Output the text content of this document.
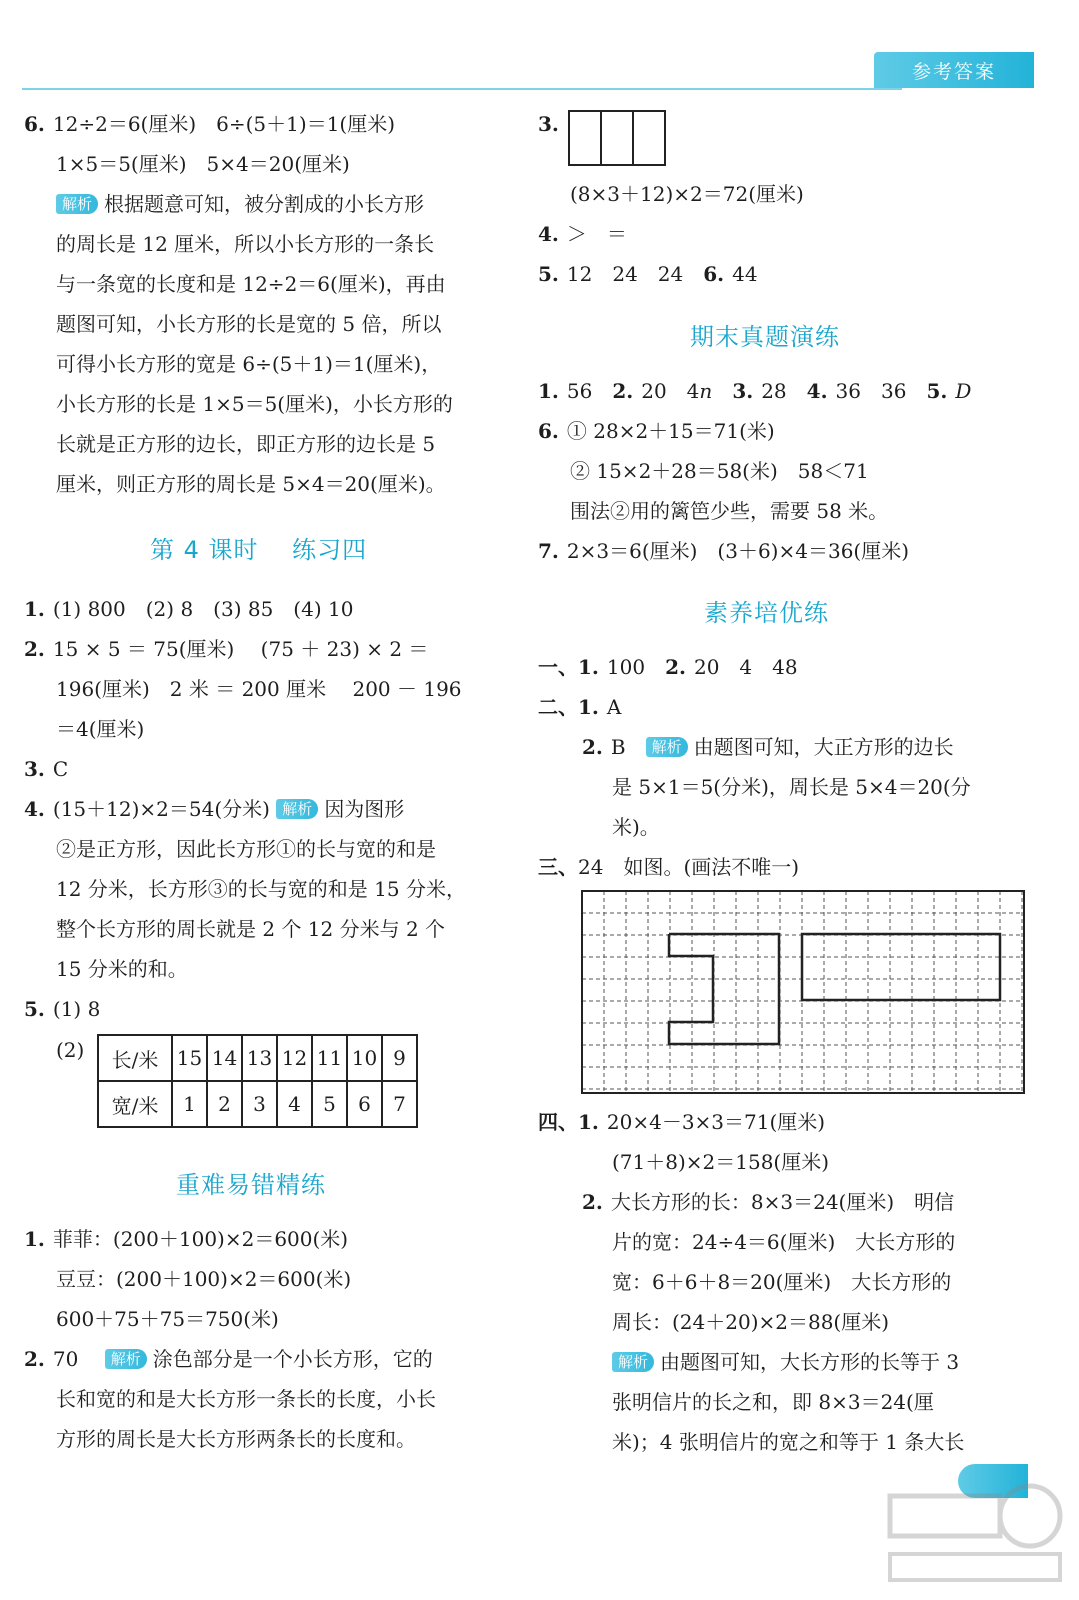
参考答案
6. 12÷2＝6(厘米)　6÷(5＋1)＝1(厘米)
1×5＝5(厘米)　5×4＝20(厘米)
解析 根据题意可知，被分割成的小长方形
的周长是 12 厘米，所以小长方形的一条长
与一条宽的长度和是 12÷2＝6(厘米)，再由
题图可知，小长方形的长是宽的 5 倍，所以
可得小长方形的宽是 6÷(5＋1)＝1(厘米)，
小长方形的长是 1×5＝5(厘米)，小长方形的
长就是正方形的边长，即正方形的边长是 5
厘米，则正方形的周长是 5×4＝20(厘米)。
第 4 课时　 练习四
1. (1) 800　(2) 8　(3) 85　(4) 10
2. 15 × 5 ＝ 75(厘米)　 (75 ＋ 23) × 2 ＝
196(厘米)　2 米 ＝ 200 厘米　 200 － 196
＝4(厘米)
3. C
4. (15＋12)×2＝54(分米) 解析 因为图形
②是正方形，因此长方形①的长与宽的和是
12 分米，长方形③的长与宽的和是 15 分米，
整个长方形的周长就是 2 个 12 分米与 2 个
15 分米的和。
5. (1) 8
(2) 长/米	15	14	13	12	11	10	9
宽/米	1	2	3	4	5	6	7
重难易错精练
1. 菲菲：(200＋100)×2＝600(米)
豆豆：(200＋100)×2＝600(米)
600＋75＋75＝750(米)
2. 70　 解析 涂色部分是一个小长方形，它的
长和宽的和是大长方形一条长的长度，小长
方形的周长是大长方形两条长的长度和。
3.
(8×3＋12)×2＝72(厘米)
4. ＞　＝
5. 12　24　24　 6. 44
期末真题演练
1. 56　 2. 20　4n　 3. 28　 4. 36　36　 5. D
6. ① 28×2＋15＝71(米)
② 15×2＋28＝58(米)　58＜71
围法②用的篱笆少些，需要 58 米。
7. 2×3＝6(厘米)　(3＋6)×4＝36(厘米)
素养培优练
一、1. 100　 2. 20　4　48
二、1. A
2. B　 解析 由题图可知，大正方形的边长
是 5×1＝5(分米)，周长是 5×4＝20(分
米)。
三、24　如图。(画法不唯一)
四、1. 20×4－3×3＝71(厘米)
(71＋8)×2＝158(厘米)
2. 大长方形的长：8×3＝24(厘米)　明信
片的宽：24÷4＝6(厘米)　大长方形的
宽：6＋6＋8＝20(厘米)　大长方形的
周长：(24＋20)×2＝88(厘米)
解析 由题图可知，大长方形的长等于 3
张明信片的长之和，即 8×3＝24(厘
米)；4 张明信片的宽之和等于 1 条大长
